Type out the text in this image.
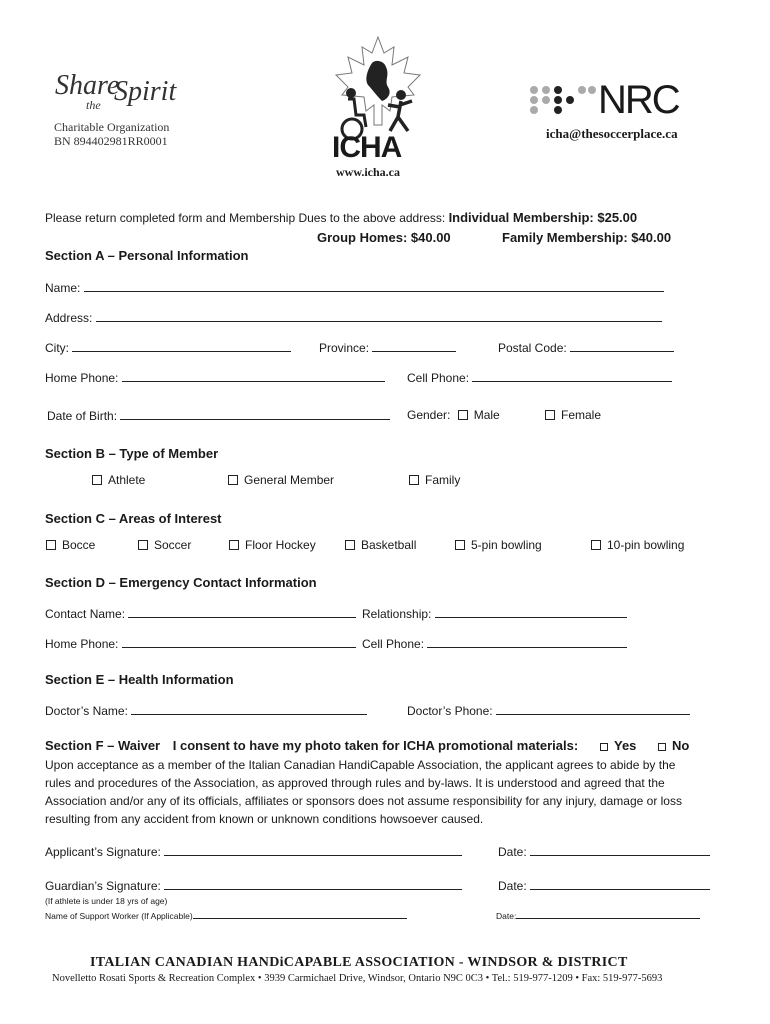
Share
the Spirit
Charitable Organization
BN 894402981RR0001	ICHA
www.icha.ca
NRC
icha@thesoccerplace.ca
Please return completed form and Membership Dues to the above address: Individual Membership: $25.00
Group Homes: $40.00	Family Membership: $40.00
Section A – Personal Information
Name:
Address:
City:	Province:	Postal Code:
Home Phone:	Cell Phone:
Date of Birth:	Gender: Male	Female
Section B – Type of Member
Athlete	General Member	Family
Section C – Areas of Interest
Bocce	Soccer	Floor Hockey	Basketball	5-pin bowling	10-pin bowling
Section D – Emergency Contact Information
Contact Name:	Relationship:
Home Phone:	Cell Phone:
Section E – Health Information
Doctor’s Name:	Doctor’s Phone:
Section F – Waiver I consent to have my photo taken for ICHA promotional materials:	Yes	No
Upon acceptance as a member of the Italian Canadian HandiCapable Association, the applicant agrees to abide by the
rules and procedures of the Association, as approved through rules and by-laws. It is understood and agreed that the
Association and/or any of its officials, affiliates or sponsors does not assume responsibility for any injury, damage or loss
resulting from any accident from known or unknown conditions howsoever caused.
Applicant’s Signature:	Date:
Guardian’s Signature:	Date:
(If athlete is under 18 yrs of age)
Name of Support Worker (If Applicable)	Date:
ITALIAN CANADIAN HANDiCAPABLE ASSOCIATION - WINDSOR & DISTRICT
Novelletto Rosati Sports & Recreation Complex • 3939 Carmichael Drive, Windsor, Ontario N9C 0C3 • Tel.: 519-977-1209 • Fax: 519-977-5693
